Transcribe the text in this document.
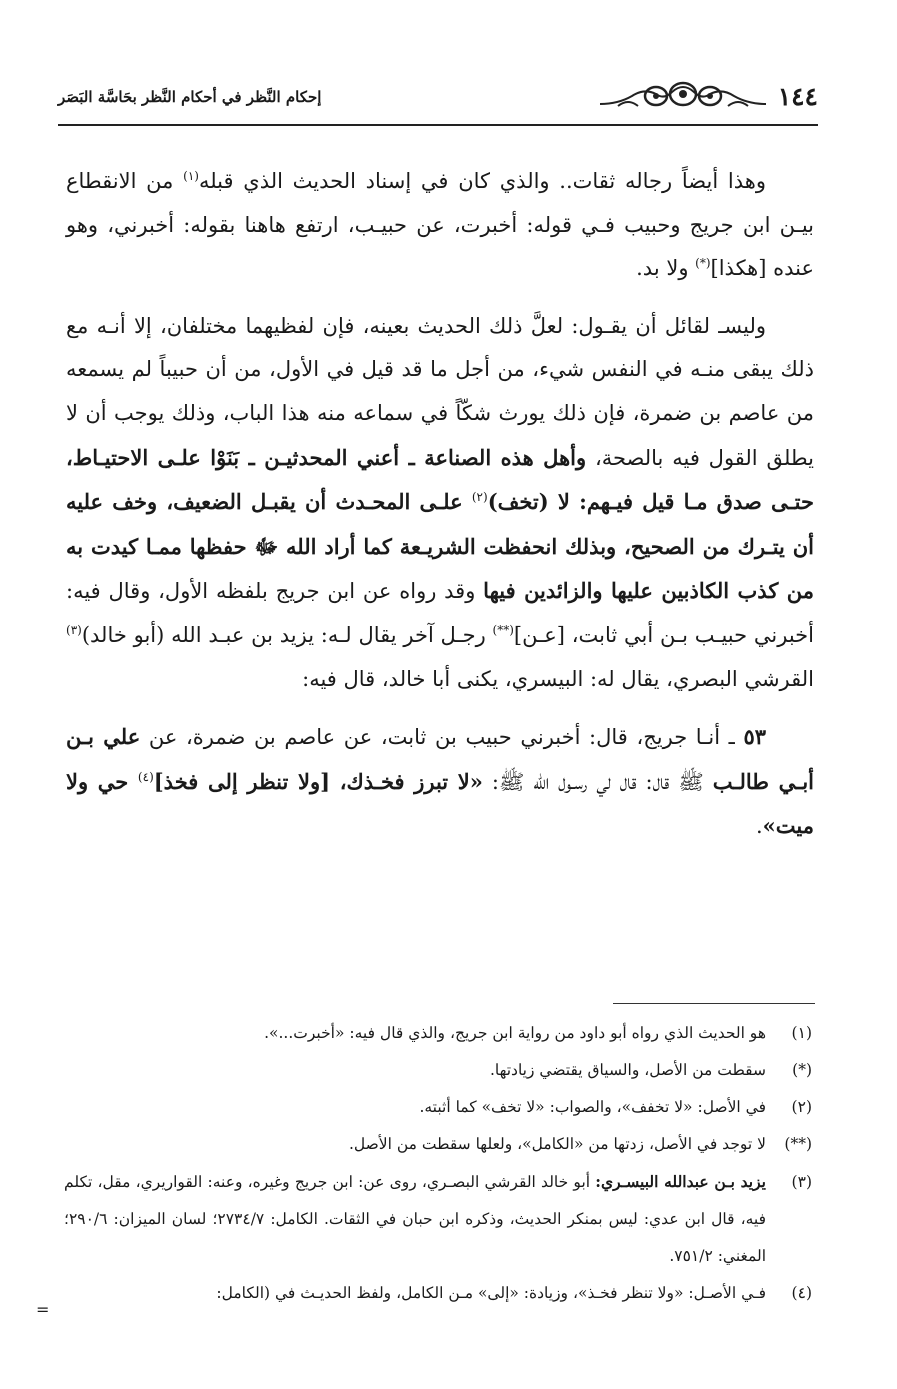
١٤٤
إحكام النَّظر في أحكام النَّظر بحَاسَّة البَصَر

وهذا أيضاً رجاله ثقات.. والذي كان في إسناد الحديث الذي قبله$^{(١)}$ من الانقطاع بيـن ابن جريج وحبيب فـي قوله: أخبرت، عن حبيـب، ارتفع هاهنا بقوله: أخبرني، وهو عنده [هكذا](*) ولا بد.

وليسـ لقائل أن يقـول: لعلَّ ذلك الحديث بعينه، فإن لفظيهما مختلفان، إلا أنـه مع ذلك يبقى منـه في النفس شيء، من أجل ما قد قيل في الأول، من أن حبيباً لم يسمعه من عاصم بن ضمرة، فإن ذلك يورث شكّاً في سماعه منه هذا الباب، وذلك يوجب أن لا يطلق القول فيه بالصحة، وأهل هذه الصناعة ـ أعني المحدثيـن ـ بَنَوْا علـى الاحتيـاط، حتـى صدق مـا قيل فيـهم: لا (تخف)$^{(٢)}$ علـى المحـدث أن يقبـل الضعيف، وخف عليه أن يتـرك من الصحيح، وبذلك انحفظت الشريـعة كما أراد الله ﷻ حفظها ممـا كيدت به من كذب الكاذبين عليها والزائدين فيها وقد رواه عن ابن جريج بلفظه الأول، وقال فيه: أخبرني حبيـب بـن أبي ثابت، [عـن](**) رجـل آخر يقال لـه: يزيد بن عبـد الله (أبو خالد)$^{(٣)}$ القرشي البصري، يقال له: البيسري، يكنى أبا خالد، قال فيه:

٥٣ ـ أنـا جريج، قال: أخبرني حبيب بن ثابت، عن عاصم بن ضمرة، عن علي بـن أبـي طالـب ﷺ قال: قال لي رسـول الله ﷺ: «لا تبرز فخـذك، [ولا تنظر إلى فخذ]$^{(٤)}$ حي ولا ميت».

(١)هو الحديث الذي رواه أبو داود من رواية ابن جريج، والذي قال فيه: «أخبرت...».

(*)سقطت من الأصل، والسياق يقتضي زيادتها.

(٢)في الأصل: «لا تخفف»، والصواب: «لا تخف» كما أثبته.

(**)لا توجد في الأصل، زدتها من «الكامل»، ولعلها سقطت من الأصل.

(٣)يزيد بـن عبدالله البيسـري: أبو خالد القرشي البصـري، روى عن: ابن جريج وغيره، وعنه: القواريري، مقل، تكلم فيه، قال ابن عدي: ليس بمنكر الحديث، وذكره ابن حبان في الثقات. الكامل: ٢٧٣٤/٧؛ لسان الميزان: ٢٩٠/٦؛ المغني: ٧٥١/٢.

(٤)فـي الأصـل: «ولا تنظر فخـذ»، وزيادة: «إلى» مـن الكامل، ولفظ الحديـث في (الكامل:

=
